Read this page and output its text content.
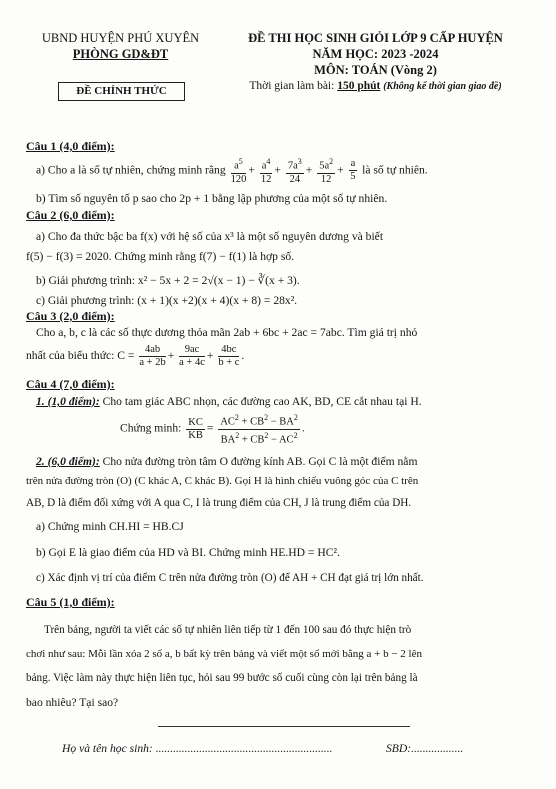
UBND HUYỆN PHÚ XUYÊN
PHÒNG GD&ĐT
ĐỀ CHÍNH THỨC
ĐỀ THI HỌC SINH GIỎI LỚP 9 CẤP HUYỆN
NĂM HỌC: 2023 -2024
MÔN: TOÁN (Vòng 2)
Thời gian làm bài: 150 phút (Không kể thời gian giao đề)
Câu 1 (4,0 điểm):
a) Cho a là số tự nhiên, chứng minh rằng $\frac{a^5}{120} + \frac{a^4}{12} + \frac{7a^3}{24} + \frac{5a^2}{12} + \frac{a}{5}$ là số tự nhiên.
b) Tìm số nguyên tố p sao cho 2p + 1 bằng lập phương của một số tự nhiên.
Câu 2 (6,0 điểm):
a) Cho đa thức bậc ba f(x) với hệ số của x³ là một số nguyên dương và biết
f(5) − f(3) = 2020. Chứng minh rằng f(7) − f(1) là hợp số.
b) Giải phương trình: x² − 5x + 2 = 2√(x − 1) − ∛(x + 3).
c) Giải phương trình: (x + 1)(x +2)(x + 4)(x + 8) = 28x².
Câu 3 (2,0 điểm):
Cho a, b, c là các số thực dương thỏa mãn 2ab + 6bc + 2ac = 7abc. Tìm giá trị nhỏ
nhất của biểu thức: $C = \frac{4ab}{a + 2b} + \frac{9ac}{a + 4c} + \frac{4bc}{b + c}$ .
Câu 4 (7,0 điểm):
1. (1,0 điểm): Cho tam giác ABC nhọn, các đường cao AK, BD, CE cắt nhau tại H.
Chứng minh: $\frac{KC}{KB} = \frac{AC^2 + CB^2 - BA^2}{BA^2 + CB^2 - AC^2}$ .
2. (6,0 điểm): Cho nửa đường tròn tâm O đường kính AB. Gọi C là một điểm nằm
trên nửa đường tròn (O) (C khác A, C khác B). Gọi H là hình chiếu vuông góc của C trên
AB, D là điểm đối xứng với A qua C, I là trung điểm của CH, J là trung điểm của DH.
a) Chứng minh CH.HI = HB.CJ
b) Gọi E là giao điểm của HD và BI. Chứng minh HE.HD = HC².
c) Xác định vị trí của điểm C trên nửa đường tròn (O) để AH + CH đạt giá trị lớn nhất.
Câu 5 (1,0 điểm):
Trên bảng, người ta viết các số tự nhiên liên tiếp từ 1 đến 100 sau đó thực hiện trò
chơi như sau: Mỗi lần xóa 2 số a, b bất kỳ trên bảng và viết một số mới bằng a + b − 2 lên
bảng. Việc làm này thực hiện liên tục, hỏi sau 99 bước số cuối cùng còn lại trên bảng là
bao nhiêu? Tại sao?
Họ và tên học sinh: .............................................................	SBD:..................
